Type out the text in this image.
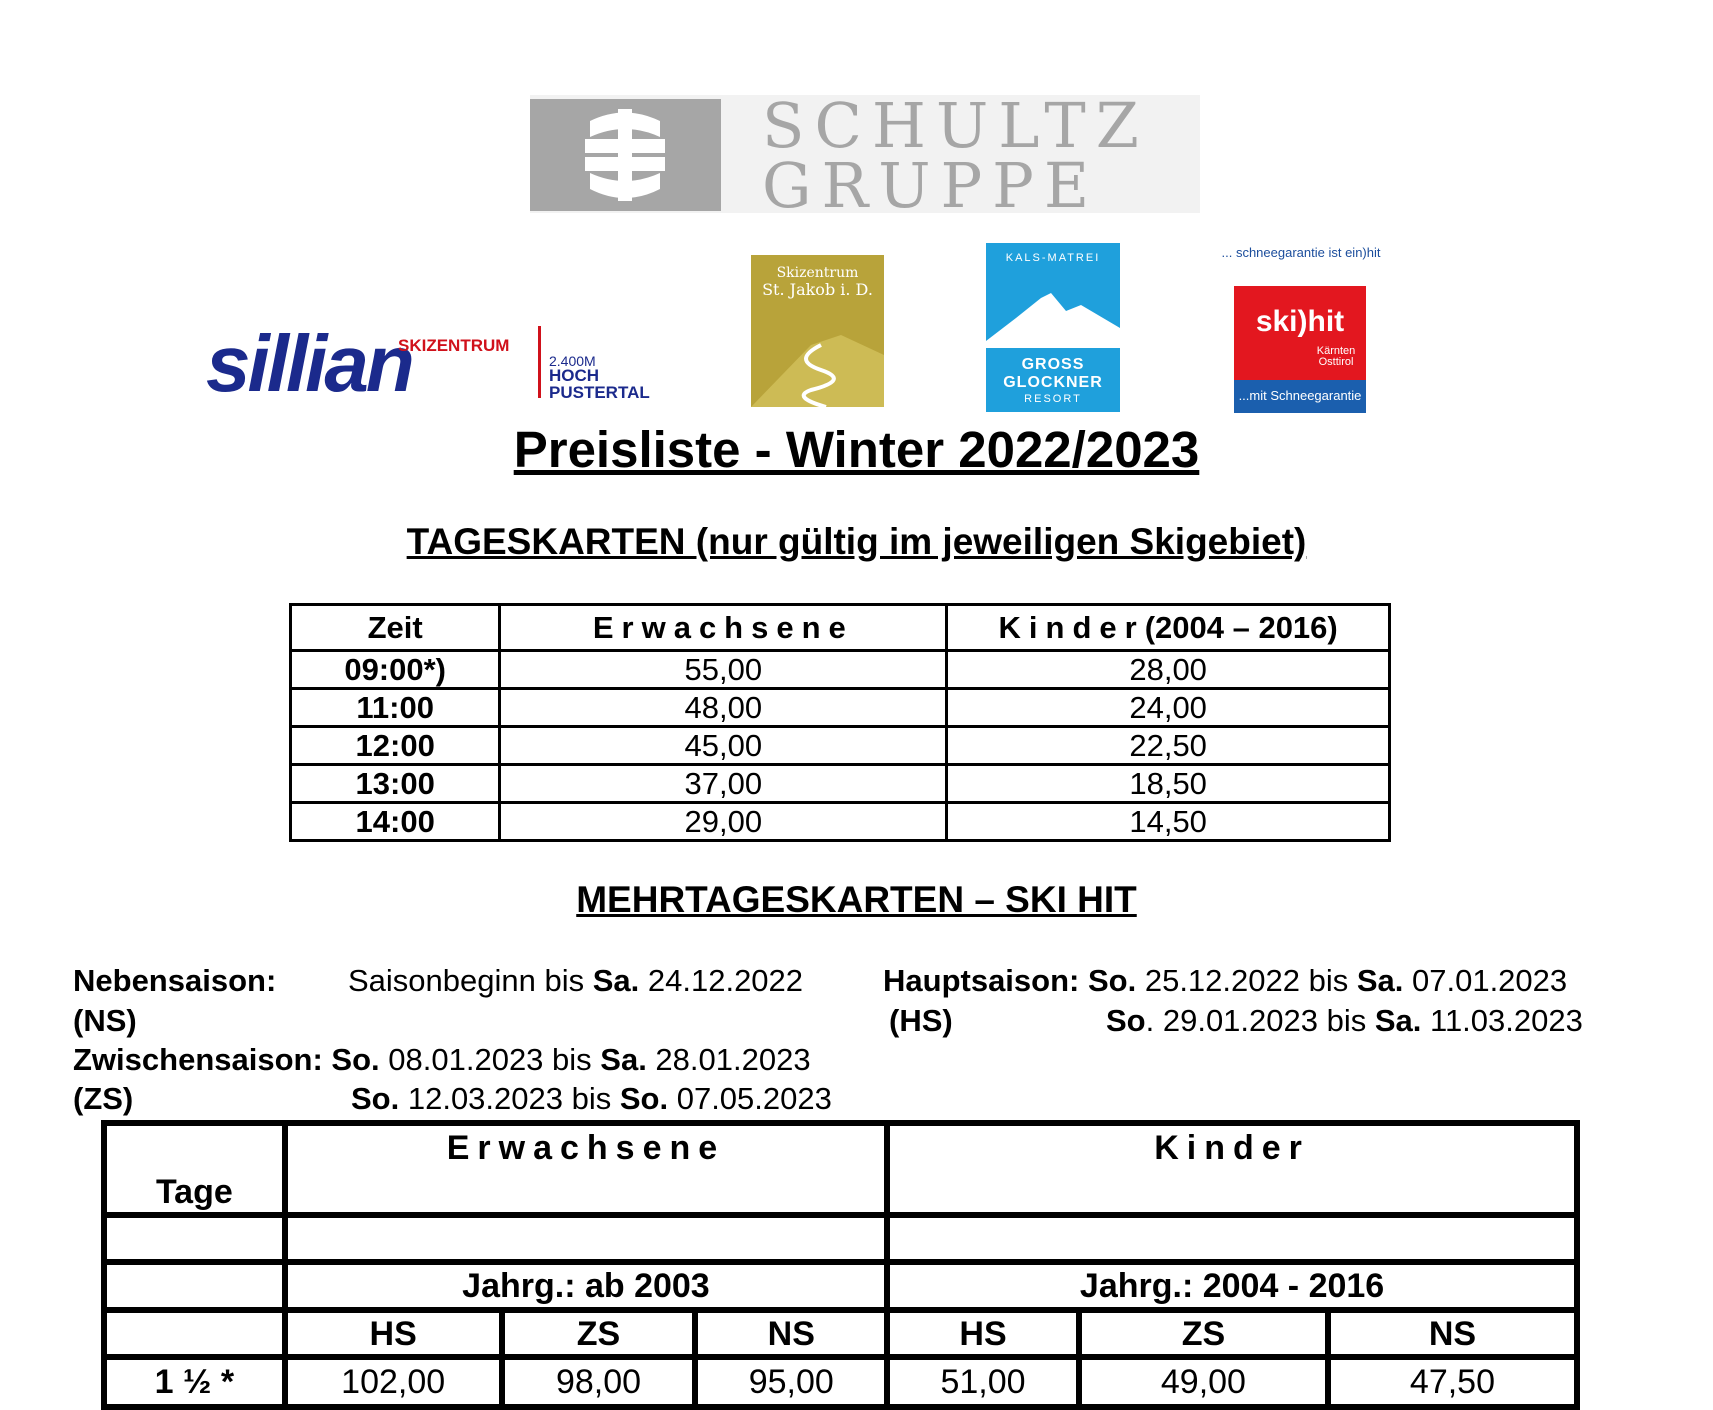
SCHULTZ
GRUPPE
sillian
SKIZENTRUM
2.400M
HOCH
PUSTERTAL
Skizentrum
St. Jakob i. D.
KALS-MATREI
GROSS
GLOCKNER
RESORT
... schneegarantie ist ein)hit
ski)hit
Kärnten
Osttirol
...mit Schneegarantie
Preisliste - Winter 2022/2023
TAGESKARTEN (nur gültig im jeweiligen Skigebiet)
Zeit	Erwachsene	Kinder(2004 – 2016)
09:00*)	55,00	28,00
11:00	48,00	24,00
12:00	45,00	22,50
13:00	37,00	18,50
14:00	29,00	14,50
MEHRTAGESKARTEN – SKI HIT
Nebensaison: Saisonbeginn bis Sa. 24.12.2022
(NS)
Hauptsaison: So. 25.12.2022 bis Sa. 07.01.2023
(HS)	So. 29.01.2023 bis Sa. 11.03.2023
Zwischensaison: So. 08.01.2023 bis Sa. 28.01.2023
(ZS)	So. 12.03.2023 bis So. 07.05.2023
Tage	Erwachsene			Kinder		

	Jahrg.: ab 2003			Jahrg.: 2004 - 2016		
	HS	ZS	NS	HS	ZS	NS
1 ½ *	102,00	98,00	95,00	51,00	49,00	47,50
